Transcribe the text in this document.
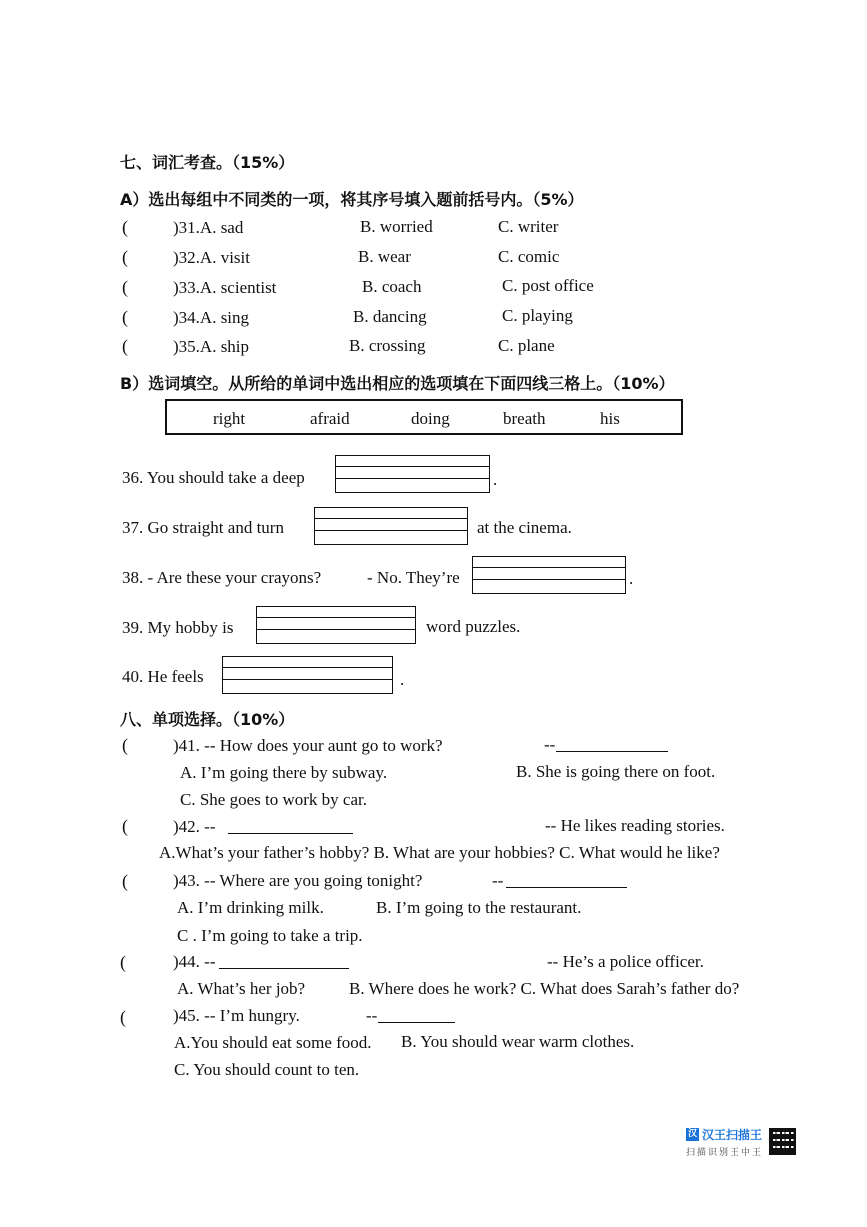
七、词汇考查。（15%）
A）选出每组中不同类的一项，将其序号填入题前括号内。（5%）
(	)31.A. sad	B. worried	C. writer
(	)32.A. visit	B. wear	C. comic
(	)33.A. scientist	B. coach	C. post office
(	)34.A. sing	B. dancing	C. playing
(	)35.A. ship	B. crossing	C. plane
B）选词填空。从所给的单词中选出相应的选项填在下面四线三格上。（10%）
right	afraid	doing	breath	his
36. You should take a deep	.
37. Go straight and turn	at the cinema.
38. - Are these your crayons?	- No. They’re	.
39. My hobby is	word puzzles.
40. He feels	.
八、单项选择。（10%）
(	)41. -- How does your aunt go to work?	--
A. I’m going there by subway.	B. She is going there on foot.
C. She goes to work by car.
(	)42. --	-- He likes reading stories.
A.What’s your father’s hobby? B. What are your hobbies? C. What would he like?
(	)43. -- Where are you going tonight?	--
A. I’m drinking milk.	B. I’m going to the restaurant.
C . I’m going to take a trip.
(	)44. --	-- He’s a police officer.
A. What’s her job?	B. Where does he work? C. What does Sarah’s father do?
(	)45. -- I’m hungry.	--
A.You should eat some food. B. You should wear warm clothes.
C. You should count to ten.
汉 汉王扫描王
扫描识别王中王
